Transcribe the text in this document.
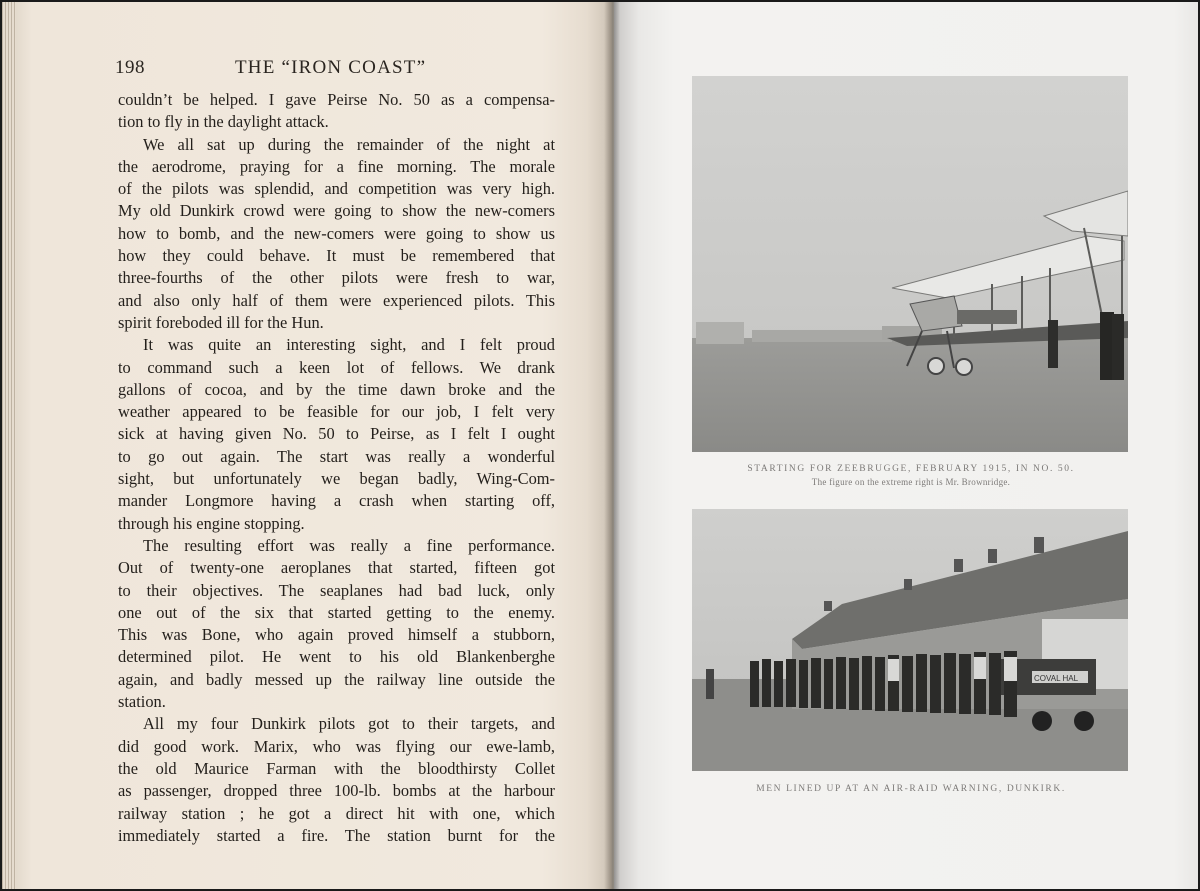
198	THE “IRON COAST”
couldn’t be helped. I gave Peirse No. 50 as a compensa-
tion to fly in the daylight attack.
We all sat up during the remainder of the night at
the aerodrome, praying for a fine morning. The morale
of the pilots was splendid, and competition was very high.
My old Dunkirk crowd were going to show the new-comers
how to bomb, and the new-comers were going to show us
how they could behave. It must be remembered that
three-fourths of the other pilots were fresh to war,
and also only half of them were experienced pilots. This
spirit foreboded ill for the Hun.
It was quite an interesting sight, and I felt proud
to command such a keen lot of fellows. We drank
gallons of cocoa, and by the time dawn broke and the
weather appeared to be feasible for our job, I felt very
sick at having given No. 50 to Peirse, as I felt I ought
to go out again. The start was really a wonderful
sight, but unfortunately we began badly, Wing-Com-
mander Longmore having a crash when starting off,
through his engine stopping.
The resulting effort was really a fine performance.
Out of twenty-one aeroplanes that started, fifteen got
to their objectives. The seaplanes had bad luck, only
one out of the six that started getting to the enemy.
This was Bone, who again proved himself a stubborn,
determined pilot. He went to his old Blankenberghe
again, and badly messed up the railway line outside the
station.
All my four Dunkirk pilots got to their targets, and
did good work. Marix, who was flying our ewe-lamb,
the old Maurice Farman with the bloodthirsty Collet
as passenger, dropped three 100-lb. bombs at the harbour
railway station ; he got a direct hit with one, which
immediately started a fire. The station burnt for the
STARTING FOR ZEEBRUGGE, FEBRUARY 1915, IN NO. 50.
The figure on the extreme right is Mr. Brownridge.
COVAL HAL
MEN LINED UP AT AN AIR-RAID WARNING, DUNKIRK.
